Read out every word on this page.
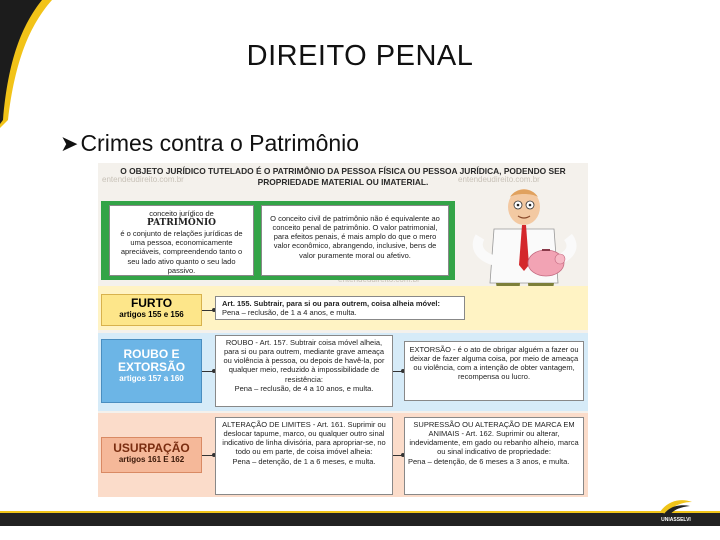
DIREITO PENAL
➤ Crimes contra o Patrimônio
entendeudireito.com.br	entendeudireito.com.br
O OBJETO JURÍDICO TUTELADO É O PATRIMÔNIO DA PESSOA FÍSICA OU PESSOA JURÍDICA, PODENDO SER PROPRIEDADE MATERIAL OU IMATERIAL.
conceito jurídico de
PATRIMÔNIO
é o conjunto de relações jurídicas de uma pessoa, economicamente apreciáveis, compreendendo tanto o seu lado ativo quanto o seu lado passivo.
O conceito civil de patrimônio não é equivalente ao conceito penal de patrimônio. O valor patrimonial, para efeitos penais, é mais amplo do que o mero valor econômico, abrangendo, inclusive, bens de valor puramente moral ou afetivo.
FURTO
artigos 155 e 156
Art. 155. Subtrair, para si ou para outrem, coisa alheia móvel:
Pena – reclusão, de 1 a 4 anos, e multa.
ROUBO E
EXTORSÃO
artigos 157 a 160
ROUBO - Art. 157. Subtrair coisa móvel alheia, para si ou para outrem, mediante grave ameaça ou violência à pessoa, ou depois de havê-la, por qualquer meio, reduzido à impossibilidade de resistência:
Pena – reclusão, de 4 a 10 anos, e multa.
EXTORSÃO - é o ato de obrigar alguém a fazer ou deixar de fazer alguma coisa, por meio de ameaça ou violência, com a intenção de obter vantagem, recompensa ou lucro.
USURPAÇÃO
artigos 161 E 162
ALTERAÇÃO DE LIMITES - Art. 161. Suprimir ou deslocar tapume, marco, ou qualquer outro sinal indicativo de linha divisória, para apropriar-se, no todo ou em parte, de coisa imóvel alheia:
Pena – detenção, de 1 a 6 meses, e multa.
SUPRESSÃO OU ALTERAÇÃO DE MARCA EM ANIMAIS - Art. 162. Suprimir ou alterar, indevidamente, em gado ou rebanho alheio, marca ou sinal indicativo de propriedade:
Pena – detenção, de 6 meses a 3 anos, e multa.
UNIASSELVI
